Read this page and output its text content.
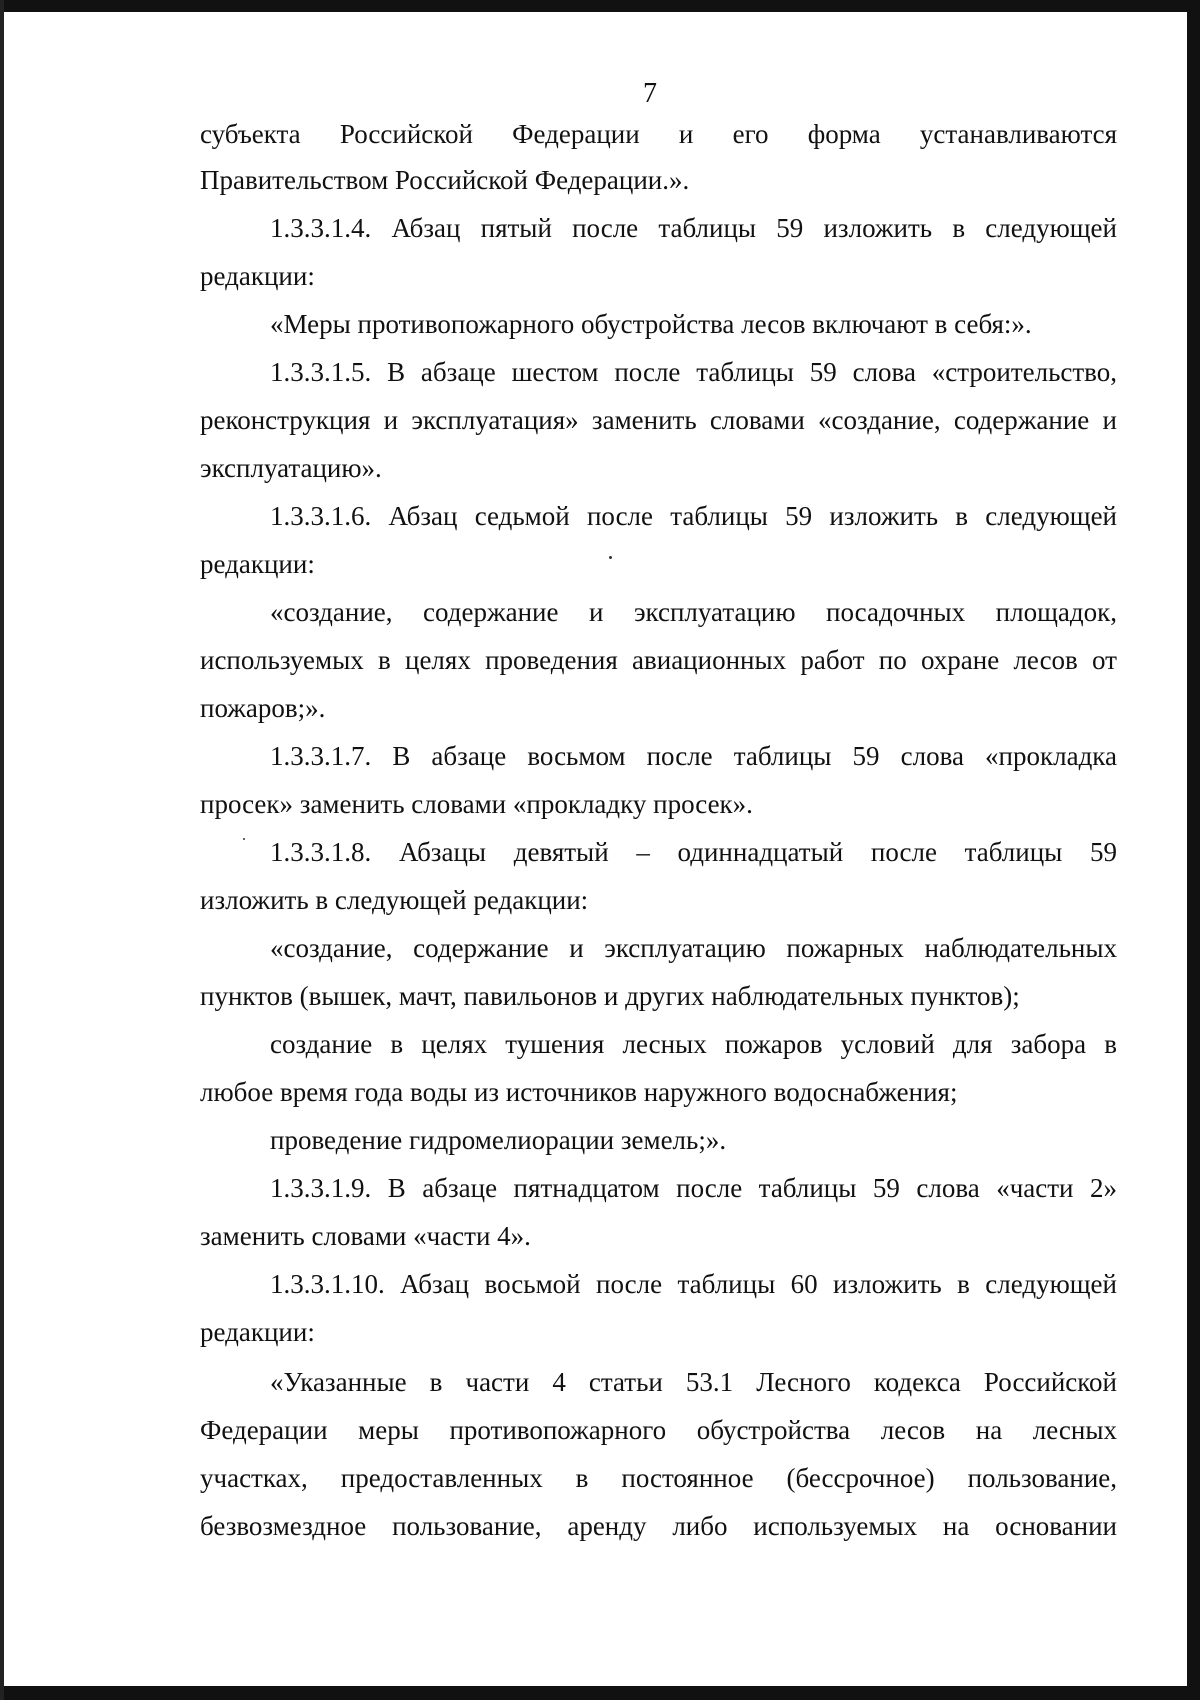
7
субъекта Российской Федерации и его форма устанавливаются
Правительством Российской Федерации.».
1.3.3.1.4. Абзац пятый после таблицы 59 изложить в следующей
редакции:
«Меры противопожарного обустройства лесов включают в себя:».
1.3.3.1.5. В абзаце шестом после таблицы 59 слова «строительство,
реконструкция и эксплуатация» заменить словами «создание, содержание и
эксплуатацию».
1.3.3.1.6. Абзац седьмой после таблицы 59 изложить в следующей
редакции:
«создание, содержание и эксплуатацию посадочных площадок,
используемых в целях проведения авиационных работ по охране лесов от
пожаров;».
1.3.3.1.7. В абзаце восьмом после таблицы 59 слова «прокладка
просек» заменить словами «прокладку просек».
1.3.3.1.8. Абзацы девятый – одиннадцатый после таблицы 59
изложить в следующей редакции:
«создание, содержание и эксплуатацию пожарных наблюдательных
пунктов (вышек, мачт, павильонов и других наблюдательных пунктов);
создание в целях тушения лесных пожаров условий для забора в
любое время года воды из источников наружного водоснабжения;
проведение гидромелиорации земель;».
1.3.3.1.9. В абзаце пятнадцатом после таблицы 59 слова «части 2»
заменить словами «части 4».
1.3.3.1.10. Абзац восьмой после таблицы 60 изложить в следующей
редакции:
«Указанные в части 4 статьи 53.1 Лесного кодекса Российской
Федерации меры противопожарного обустройства лесов на лесных
участках, предоставленных в постоянное (бессрочное) пользование,
безвозмездное пользование, аренду либо используемых на основании
